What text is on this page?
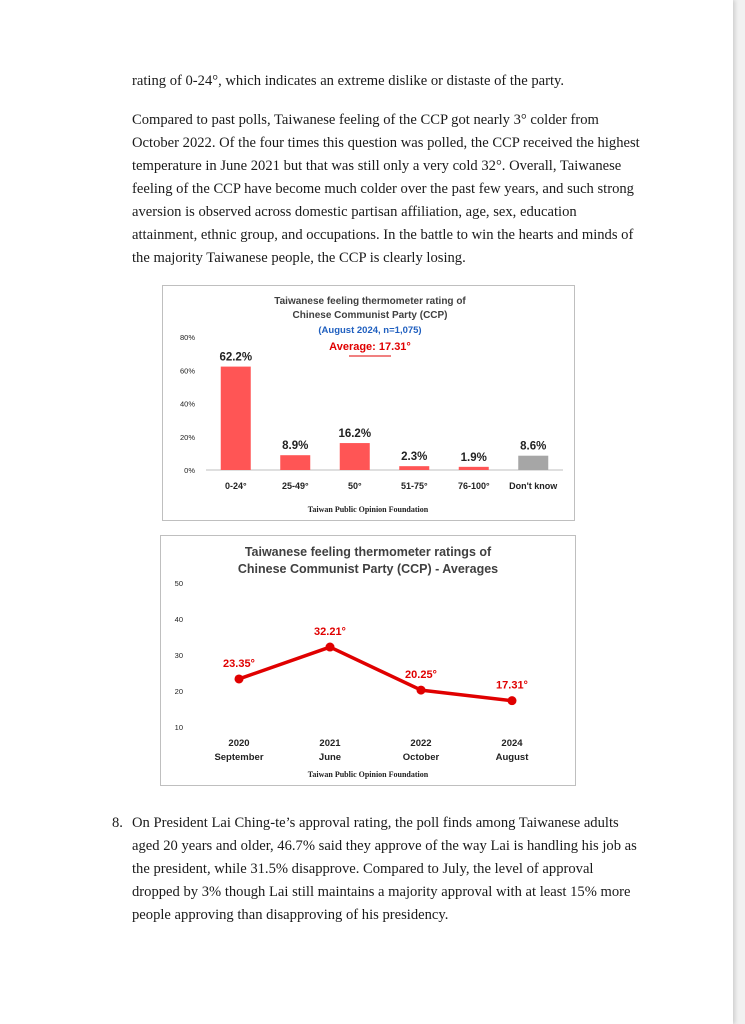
rating of 0-24°, which indicates an extreme dislike or distaste of the party.

Compared to past polls, Taiwanese feeling of the CCP got nearly 3° colder from October 2022. Of the four times this question was polled, the CCP received the highest temperature in June 2021 but that was still only a very cold 32°. Overall, Taiwanese feeling of the CCP have become much colder over the past few years, and such strong aversion is observed across domestic partisan affiliation, age, sex, education attainment, ethnic group, and occupations. In the battle to win the hearts and minds of the majority Taiwanese people, the CCP is clearly losing.

Taiwanese feeling thermometer rating of
Chinese Communist Party (CCP)
(August 2024, n=1,075)
Average: 17.31°
0%
20%
40%
60%
80%
62.2%
0-24°
8.9%
25-49°
16.2%
50°
2.3%
51-75°
1.9%
76-100°
8.6%
Don't know
Taiwan Public Opinion Foundation
Taiwanese feeling thermometer ratings of
Chinese Communist Party (CCP) - Averages
10
20
30
40
50
23.35°
2020
September
32.21°
2021
June
20.25°
2022
October
17.31°
2024
August
Taiwan Public Opinion Foundation
8. On President Lai Ching-te’s approval rating, the poll finds among Taiwanese adults aged 20 years and older, 46.7% said they approve of the way Lai is handling his job as the president, while 31.5% disapprove. Compared to July, the level of approval dropped by 3% though Lai still maintains a majority approval with at least 15% more people approving than disapproving of his presidency.
